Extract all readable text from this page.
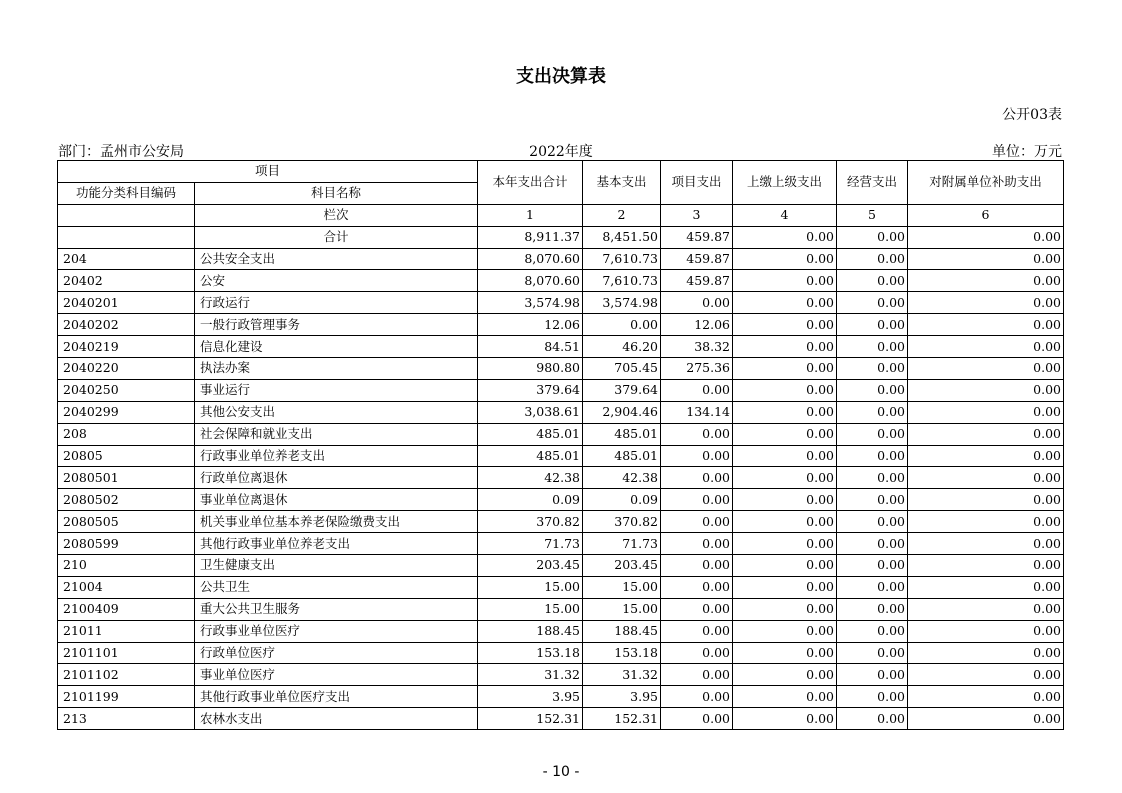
支出决算表
公开03表
部门：孟州市公安局	2022年度	单位：万元
项目		本年支出合计	基本支出	项目支出	上缴上级支出	经营支出	对附属单位补助支出
功能分类科目编码	科目名称						
	栏次	1	2	3	4	5	6
	合计	8,911.37	8,451.50	459.87	0.00	0.00	0.00
204	公共安全支出	8,070.60	7,610.73	459.87	0.00	0.00	0.00
20402	公安	8,070.60	7,610.73	459.87	0.00	0.00	0.00
2040201	行政运行	3,574.98	3,574.98	0.00	0.00	0.00	0.00
2040202	一般行政管理事务	12.06	0.00	12.06	0.00	0.00	0.00
2040219	信息化建设	84.51	46.20	38.32	0.00	0.00	0.00
2040220	执法办案	980.80	705.45	275.36	0.00	0.00	0.00
2040250	事业运行	379.64	379.64	0.00	0.00	0.00	0.00
2040299	其他公安支出	3,038.61	2,904.46	134.14	0.00	0.00	0.00
208	社会保障和就业支出	485.01	485.01	0.00	0.00	0.00	0.00
20805	行政事业单位养老支出	485.01	485.01	0.00	0.00	0.00	0.00
2080501	行政单位离退休	42.38	42.38	0.00	0.00	0.00	0.00
2080502	事业单位离退休	0.09	0.09	0.00	0.00	0.00	0.00
2080505	机关事业单位基本养老保险缴费支出	370.82	370.82	0.00	0.00	0.00	0.00
2080599	其他行政事业单位养老支出	71.73	71.73	0.00	0.00	0.00	0.00
210	卫生健康支出	203.45	203.45	0.00	0.00	0.00	0.00
21004	公共卫生	15.00	15.00	0.00	0.00	0.00	0.00
2100409	重大公共卫生服务	15.00	15.00	0.00	0.00	0.00	0.00
21011	行政事业单位医疗	188.45	188.45	0.00	0.00	0.00	0.00
2101101	行政单位医疗	153.18	153.18	0.00	0.00	0.00	0.00
2101102	事业单位医疗	31.32	31.32	0.00	0.00	0.00	0.00
2101199	其他行政事业单位医疗支出	3.95	3.95	0.00	0.00	0.00	0.00
213	农林水支出	152.31	152.31	0.00	0.00	0.00	0.00
- 10 -
